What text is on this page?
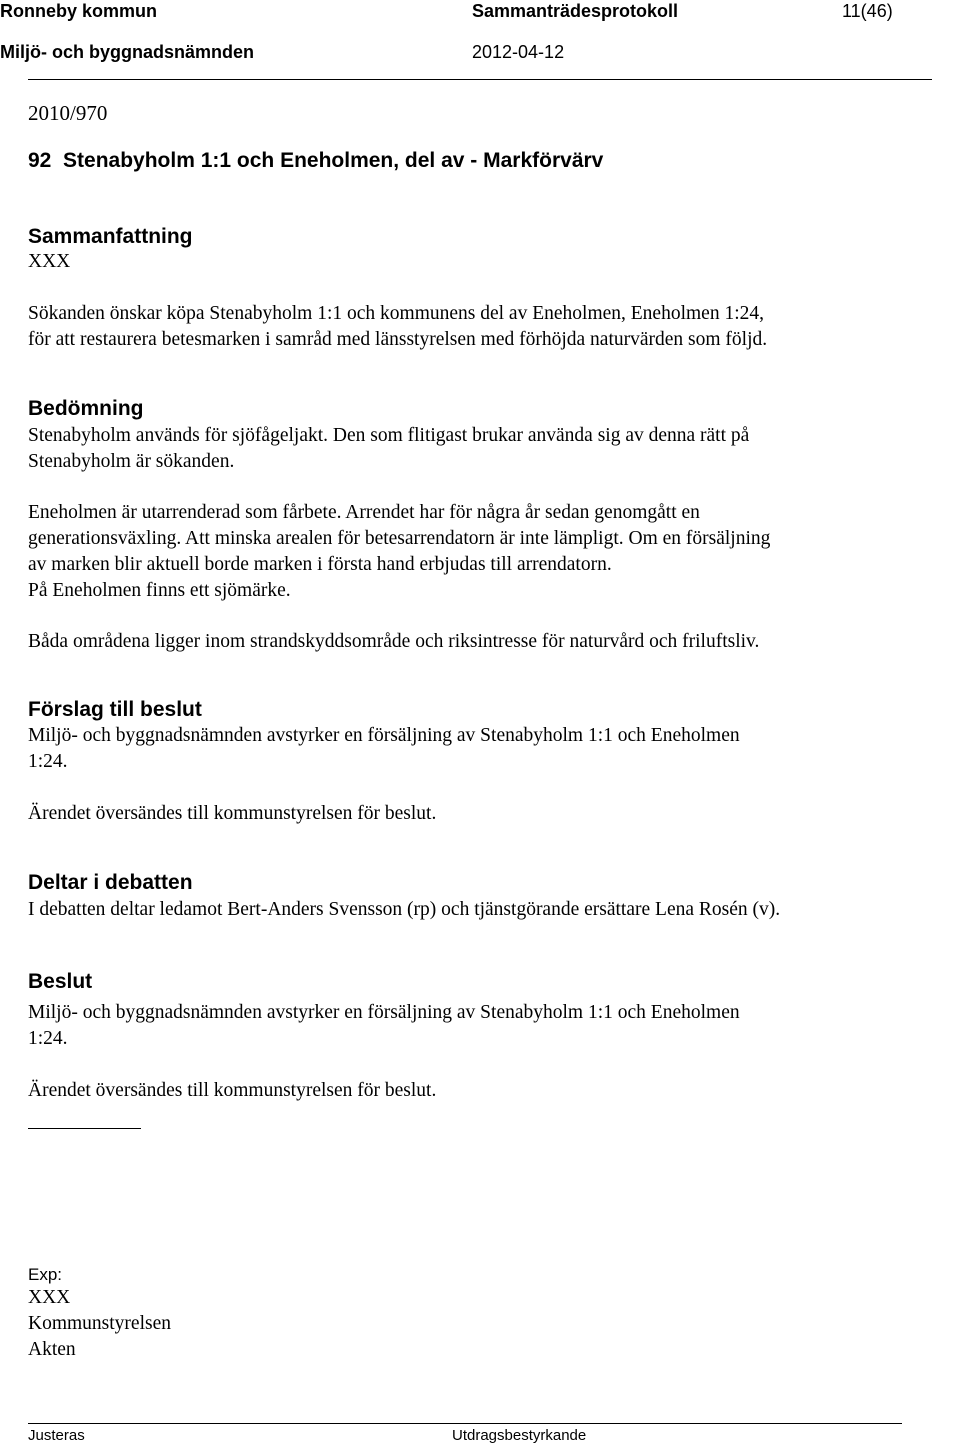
Ronneby kommun	Sammanträdesprotokoll	11(46)
Miljö- och byggnadsnämnden	2012-04-12
2010/970
92 Stenabyholm 1:1 och Eneholmen, del av - Markförvärv
Sammanfattning
XXX
Sökanden önskar köpa Stenabyholm 1:1 och kommunens del av Eneholmen, Eneholmen 1:24,
för att restaurera betesmarken i samråd med länsstyrelsen med förhöjda naturvärden som följd.
Bedömning
Stenabyholm används för sjöfågeljakt. Den som flitigast brukar använda sig av denna rätt på
Stenabyholm är sökanden.
Eneholmen är utarrenderad som fårbete. Arrendet har för några år sedan genomgått en
generationsväxling. Att minska arealen för betesarrendatorn är inte lämpligt. Om en försäljning
av marken blir aktuell borde marken i första hand erbjudas till arrendatorn.
På Eneholmen finns ett sjömärke.
Båda områdena ligger inom strandskyddsområde och riksintresse för naturvård och friluftsliv.
Förslag till beslut
Miljö- och byggnadsnämnden avstyrker en försäljning av Stenabyholm 1:1 och Eneholmen
1:24.
Ärendet översändes till kommunstyrelsen för beslut.
Deltar i debatten
I debatten deltar ledamot Bert-Anders Svensson (rp) och tjänstgörande ersättare Lena Rosén (v).
Beslut
Miljö- och byggnadsnämnden avstyrker en försäljning av Stenabyholm 1:1 och Eneholmen
1:24.
Ärendet översändes till kommunstyrelsen för beslut.
Exp:
XXX
Kommunstyrelsen
Akten
Justeras	Utdragsbestyrkande
